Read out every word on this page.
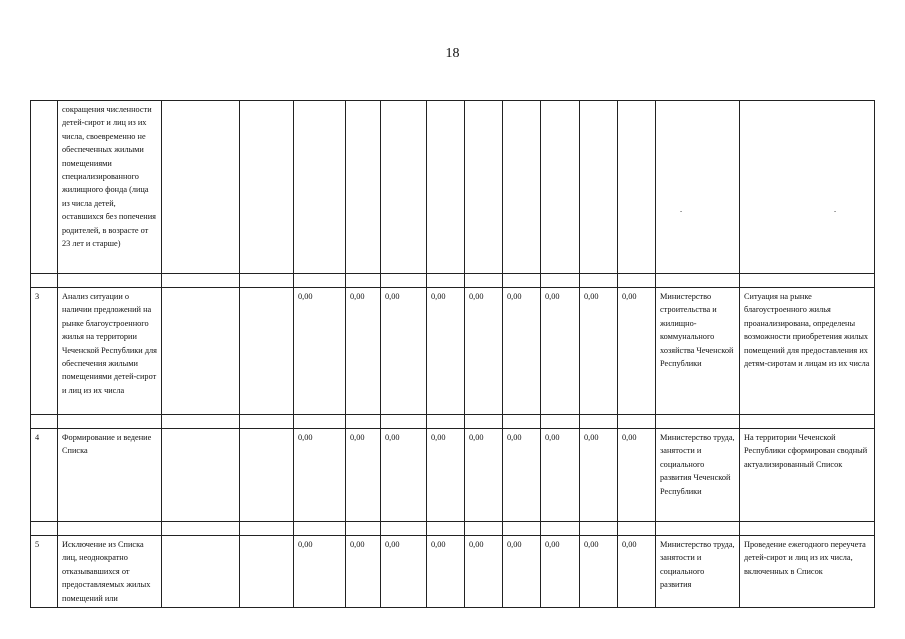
18
	сокращения численности детей-сирот и лиц из их числа, своевременно не обеспеченных жилыми помещениями специализированного жилищного фонда (лица из числа детей, оставшихся без попечения родителей, в возрасте от 23 лет и старше)												.	.

3	Анализ ситуации о наличии предложений на рынке благоустроенного жилья на территории Чеченской Республики для обеспечения жилыми помещениями детей-сирот и лиц из их числа			0,00	0,00	0,00	0,00	0,00	0,00	0,00	0,00	0,00	Министерство строительства и жилищно-коммунального хозяйства Чеченской Республики	Ситуация на рынке благоустроенного жилья проанализирована, определены возможности приобретения жилых помещений для предоставления их детям-сиротам и лицам из их числа

4	Формирование и ведение Списка			0,00	0,00	0,00	0,00	0,00	0,00	0,00	0,00	0,00	Министерство труда, занятости и социального развития Чеченской Республики	На территории Чеченской Республики сформирован сводный актуализированный Список

5	Исключение из Списка лиц, неоднократно отказывавшихся от предоставляемых жилых помещений или			0,00	0,00	0,00	0,00	0,00	0,00	0,00	0,00	0,00	Министерство труда, занятости и социального развития	Проведение ежегодного переучета детей-сирот и лиц из их числа, включенных в Список
